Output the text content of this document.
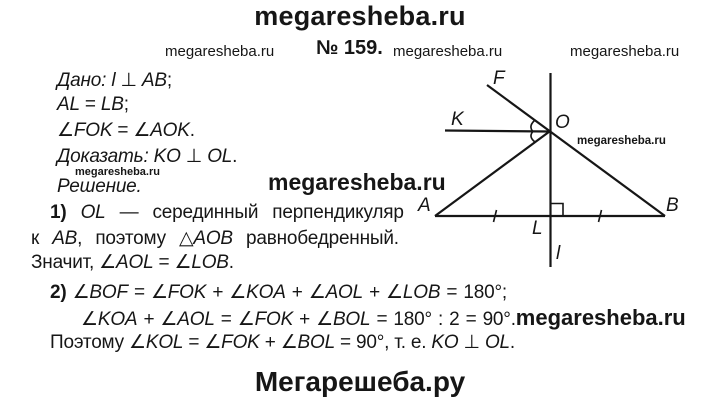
megaresheba.ru
megaresheba.ru № 159. megaresheba.ru	megaresheba.ru
Дано: l ⊥ AB;
AL = LB;
∠FOK = ∠AOK.
Доказать: KO ⊥ OL.
Решение.
1) OL — серединный перпендикуляр
к AB, поэтому △AOB равнобедренный.
Значит, ∠AOL = ∠LOB.
2) ∠BOF = ∠FOK + ∠KOA + ∠AOL + ∠LOB = 180°;
∠KOA + ∠AOL = ∠FOK + ∠BOL = 180° : 2 = 90°.megaresheba.ru
Поэтому ∠KOL = ∠FOK + ∠BOL = 90°, т. е. KO ⊥ OL.
megaresheba.ru	megaresheba.ru
F
K	O
A	B
L
l
megaresheba.ru
Мегарешеба.ру
